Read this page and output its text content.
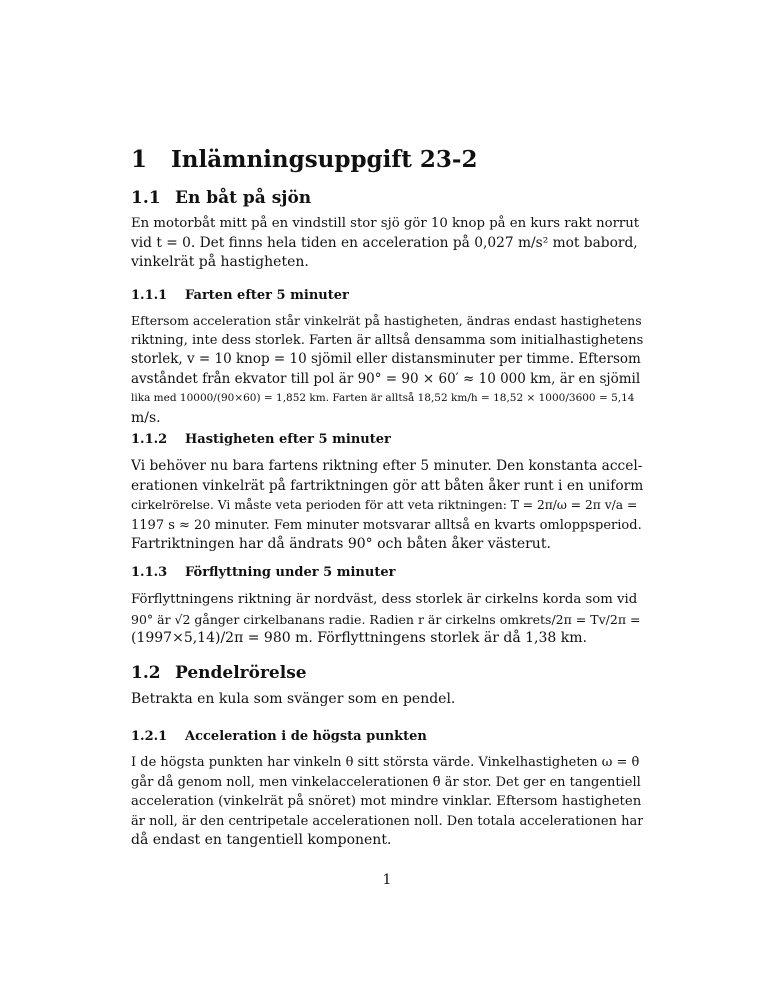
1 Inlämningsuppgift 23-2
1.1 En båt på sjön
En motorbåt mitt på en vindstill stor sjö gör 10 knop på en kurs rakt norrut
vid t = 0. Det finns hela tiden en acceleration på 0,027 m/s² mot babord,
vinkelrät på hastigheten.
1.1.1 Farten efter 5 minuter
Eftersom acceleration står vinkelrät på hastigheten, ändras endast hastighetens
riktning, inte dess storlek. Farten är alltså densamma som initialhastighetens
storlek, v = 10 knop = 10 sjömil eller distansminuter per timme. Eftersom
avståndet från ekvator till pol är 90° = 90 × 60′ ≈ 10 000 km, är en sjömil
lika med 10000/(90×60) = 1,852 km. Farten är alltså 18,52 km/h = 18,52 × 1000/3600 = 5,14
m/s.
1.1.2 Hastigheten efter 5 minuter
Vi behöver nu bara fartens riktning efter 5 minuter. Den konstanta accel-
erationen vinkelrät på fartriktningen gör att båten åker runt i en uniform
cirkelrörelse. Vi måste veta perioden för att veta riktningen: T = 2π/ω = 2π v/a =
1197 s ≈ 20 minuter. Fem minuter motsvarar alltså en kvarts omloppsperiod.
Fartriktningen har då ändrats 90° och båten åker västerut.
1.1.3 Förflyttning under 5 minuter
Förflyttningens riktning är nordväst, dess storlek är cirkelns korda som vid
90° är √2 gånger cirkelbanans radie. Radien r är cirkelns omkrets/2π = Tv/2π =
(1997×5,14)/2π = 980 m. Förflyttningens storlek är då 1,38 km.
1.2 Pendelrörelse
Betrakta en kula som svänger som en pendel.
1.2.1 Acceleration i de högsta punkten
I de högsta punkten har vinkeln θ sitt största värde. Vinkelhastigheten ω = θ̇
går då genom noll, men vinkelaccelerationen θ̈ är stor. Det ger en tangentiell
acceleration (vinkelrät på snöret) mot mindre vinklar. Eftersom hastigheten
är noll, är den centripetale accelerationen noll. Den totala accelerationen har
då endast en tangentiell komponent.
1
